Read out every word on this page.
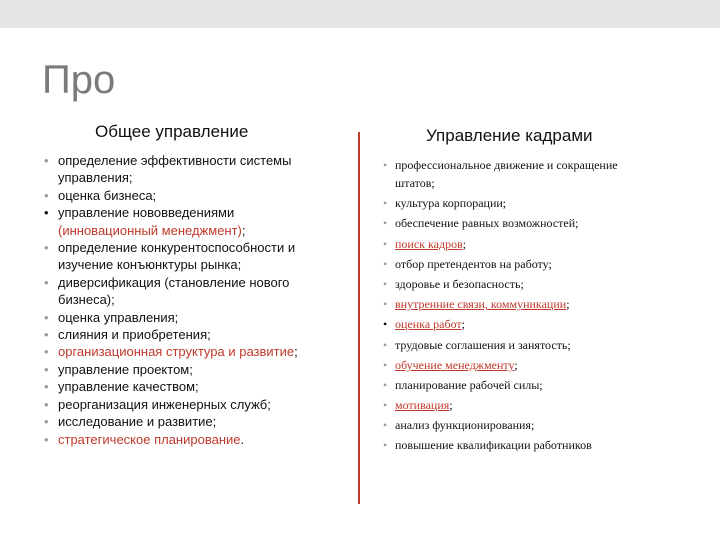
Про
Общее управление	Управление кадрами
• определение эффективности системы
управления;
• оценка бизнеса;
• управление нововведениями
(инновационный менеджмент);
• определение конкурентоспособности и
изучение конъюнктуры рынка;
• диверсификация (становление нового
бизнеса);
• оценка управления;
• слияния и приобретения;
• организационная структура и развитие;
• управление проектом;
• управление качеством;
• реорганизация инженерных служб;
• исследование и развитие;
• стратегическое планирование.
• профессиональное движение и сокращение
штатов;
• культура корпорации;
• обеспечение равных возможностей;
• поиск кадров;
• отбор претендентов на работу;
• здоровье и безопасность;
• внутренние связи, коммуникации;
• оценка работ;
• трудовые соглашения и занятость;
• обучение менеджменту;
• планирование рабочей силы;
• мотивация;
• анализ функционирования;
• повышение квалификации работников
